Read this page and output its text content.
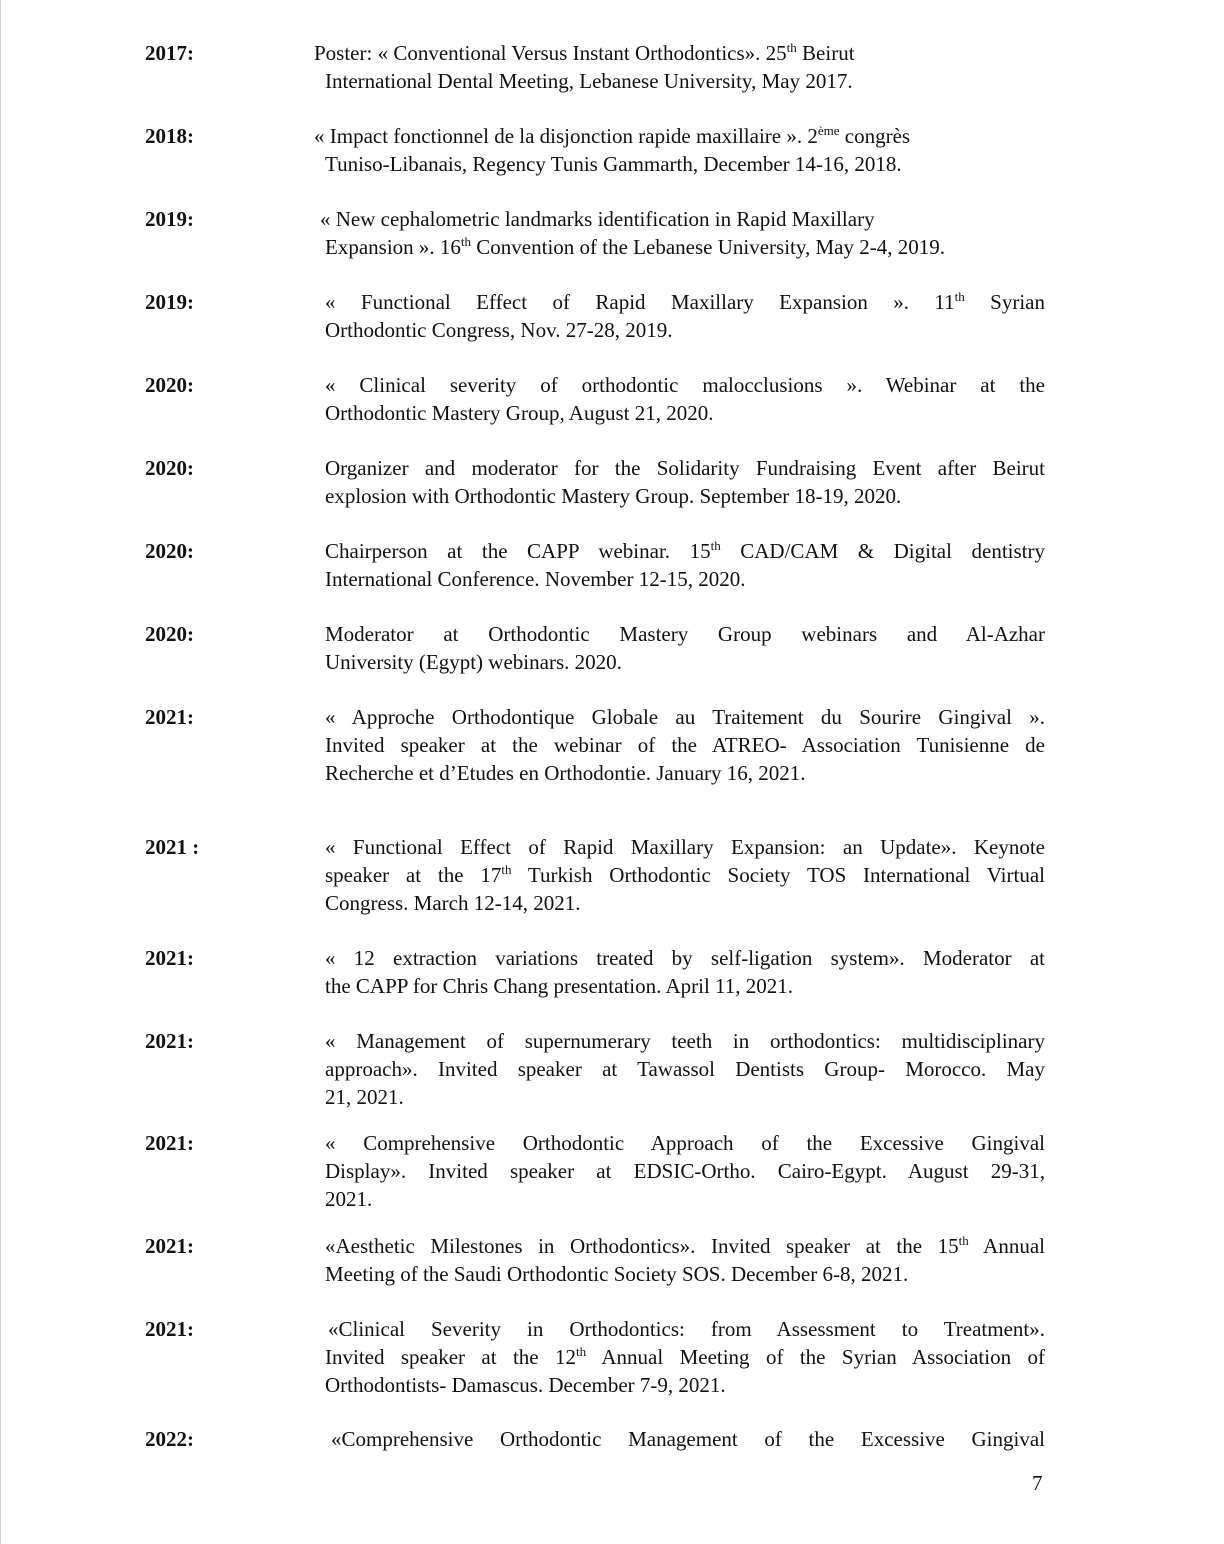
2017:	Poster: « Conventional Versus Instant Orthodontics». 25th Beirut
International Dental Meeting, Lebanese University, May 2017.
2018:	« Impact fonctionnel de la disjonction rapide maxillaire ». 2ème congrès
Tuniso-Libanais, Regency Tunis Gammarth, December 14-16, 2018.
2019:	« New cephalometric landmarks identification in Rapid Maxillary
Expansion ». 16th Convention of the Lebanese University, May 2-4, 2019.
2019:	« Functional Effect of Rapid Maxillary Expansion ». 11th Syrian
Orthodontic Congress, Nov. 27-28, 2019.
2020:	« Clinical severity of orthodontic malocclusions ». Webinar at the
Orthodontic Mastery Group, August 21, 2020.
2020:	Organizer and moderator for the Solidarity Fundraising Event after Beirut
explosion with Orthodontic Mastery Group. September 18-19, 2020.
2020:	Chairperson at the CAPP webinar. 15th CAD/CAM & Digital dentistry
International Conference. November 12-15, 2020.
2020:	Moderator at Orthodontic Mastery Group webinars and Al-Azhar
University (Egypt) webinars. 2020.
2021:	« Approche Orthodontique Globale au Traitement du Sourire Gingival ».
Invited speaker at the webinar of the ATREO- Association Tunisienne de
Recherche et d’Etudes en Orthodontie. January 16, 2021.
2021 :	« Functional Effect of Rapid Maxillary Expansion: an Update». Keynote
speaker at the 17th Turkish Orthodontic Society TOS International Virtual
Congress. March 12-14, 2021.
2021:	« 12 extraction variations treated by self-ligation system». Moderator at
the CAPP for Chris Chang presentation. April 11, 2021.
2021:	« Management of supernumerary teeth in orthodontics: multidisciplinary
approach». Invited speaker at Tawassol Dentists Group- Morocco. May
21, 2021.
2021:	« Comprehensive Orthodontic Approach of the Excessive Gingival
Display». Invited speaker at EDSIC-Ortho. Cairo-Egypt. August 29-31,
2021.
2021:	«Aesthetic Milestones in Orthodontics». Invited speaker at the 15th Annual
Meeting of the Saudi Orthodontic Society SOS. December 6-8, 2021.
2021:	«Clinical Severity in Orthodontics: from Assessment to Treatment».
Invited speaker at the 12th Annual Meeting of the Syrian Association of
Orthodontists- Damascus. December 7-9, 2021.
2022:	«Comprehensive Orthodontic Management of the Excessive Gingival
7
